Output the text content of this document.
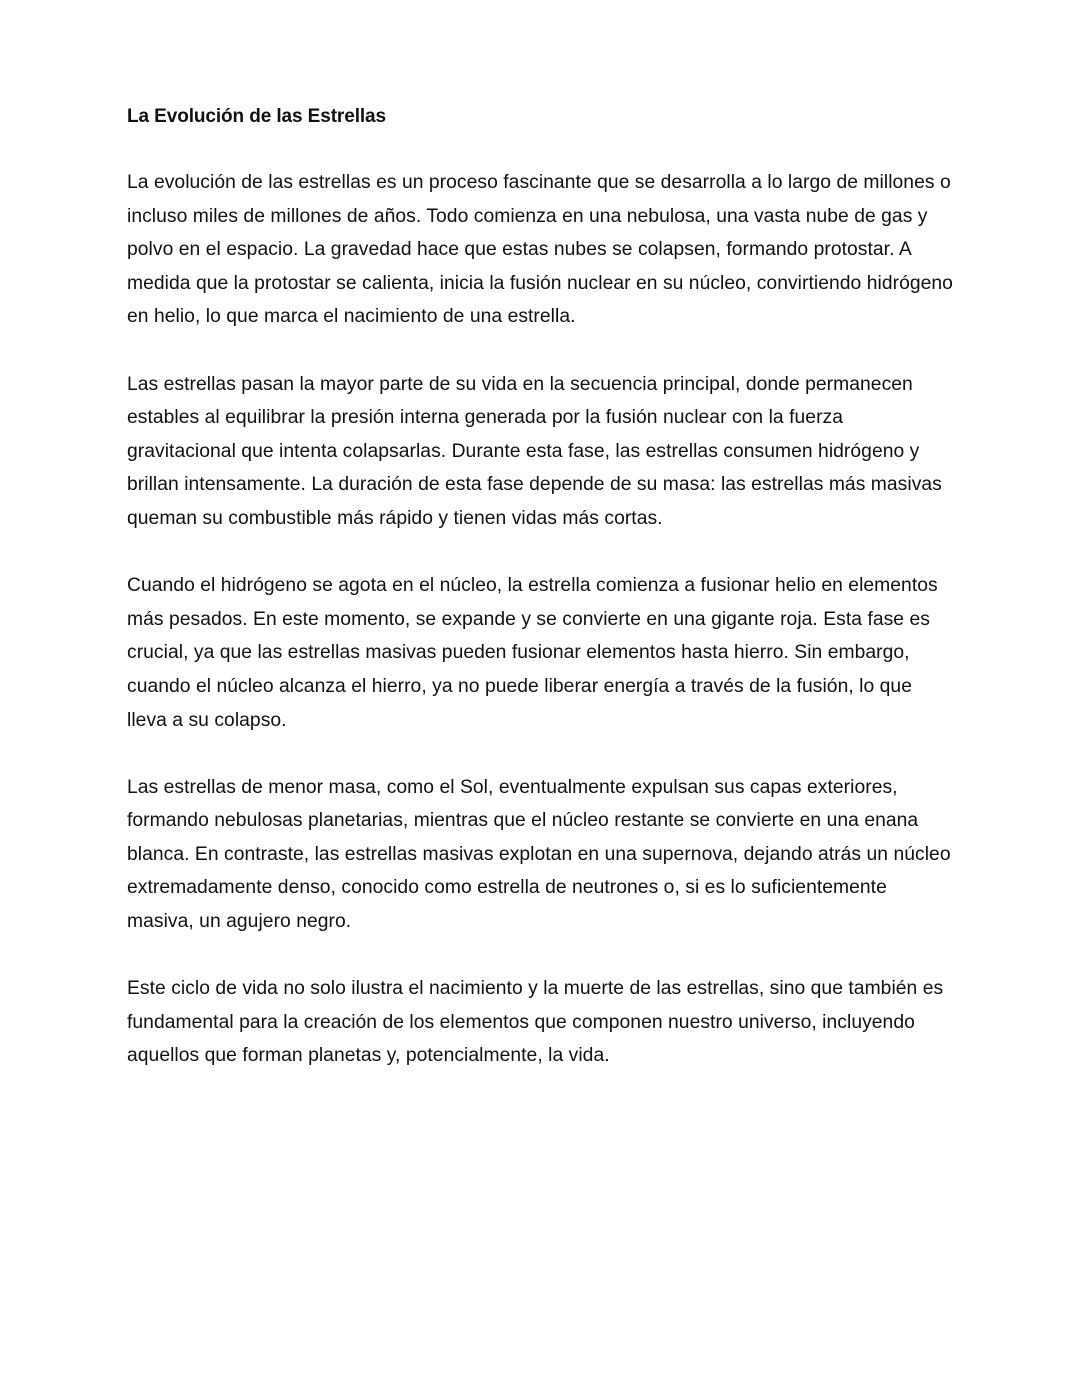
La Evolución de las Estrellas

La evolución de las estrellas es un proceso fascinante que se desarrolla a lo largo de millones o incluso miles de millones de años. Todo comienza en una nebulosa, una vasta nube de gas y polvo en el espacio. La gravedad hace que estas nubes se colapsen, formando protostar. A medida que la protostar se calienta, inicia la fusión nuclear en su núcleo, convirtiendo hidrógeno en helio, lo que marca el nacimiento de una estrella.

Las estrellas pasan la mayor parte de su vida en la secuencia principal, donde permanecen estables al equilibrar la presión interna generada por la fusión nuclear con la fuerza gravitacional que intenta colapsarlas. Durante esta fase, las estrellas consumen hidrógeno y brillan intensamente. La duración de esta fase depende de su masa: las estrellas más masivas queman su combustible más rápido y tienen vidas más cortas.

Cuando el hidrógeno se agota en el núcleo, la estrella comienza a fusionar helio en elementos más pesados. En este momento, se expande y se convierte en una gigante roja. Esta fase es crucial, ya que las estrellas masivas pueden fusionar elementos hasta hierro. Sin embargo, cuando el núcleo alcanza el hierro, ya no puede liberar energía a través de la fusión, lo que lleva a su colapso.

Las estrellas de menor masa, como el Sol, eventualmente expulsan sus capas exteriores, formando nebulosas planetarias, mientras que el núcleo restante se convierte en una enana blanca. En contraste, las estrellas masivas explotan en una supernova, dejando atrás un núcleo extremadamente denso, conocido como estrella de neutrones o, si es lo suficientemente masiva, un agujero negro.

Este ciclo de vida no solo ilustra el nacimiento y la muerte de las estrellas, sino que también es fundamental para la creación de los elementos que componen nuestro universo, incluyendo aquellos que forman planetas y, potencialmente, la vida.
